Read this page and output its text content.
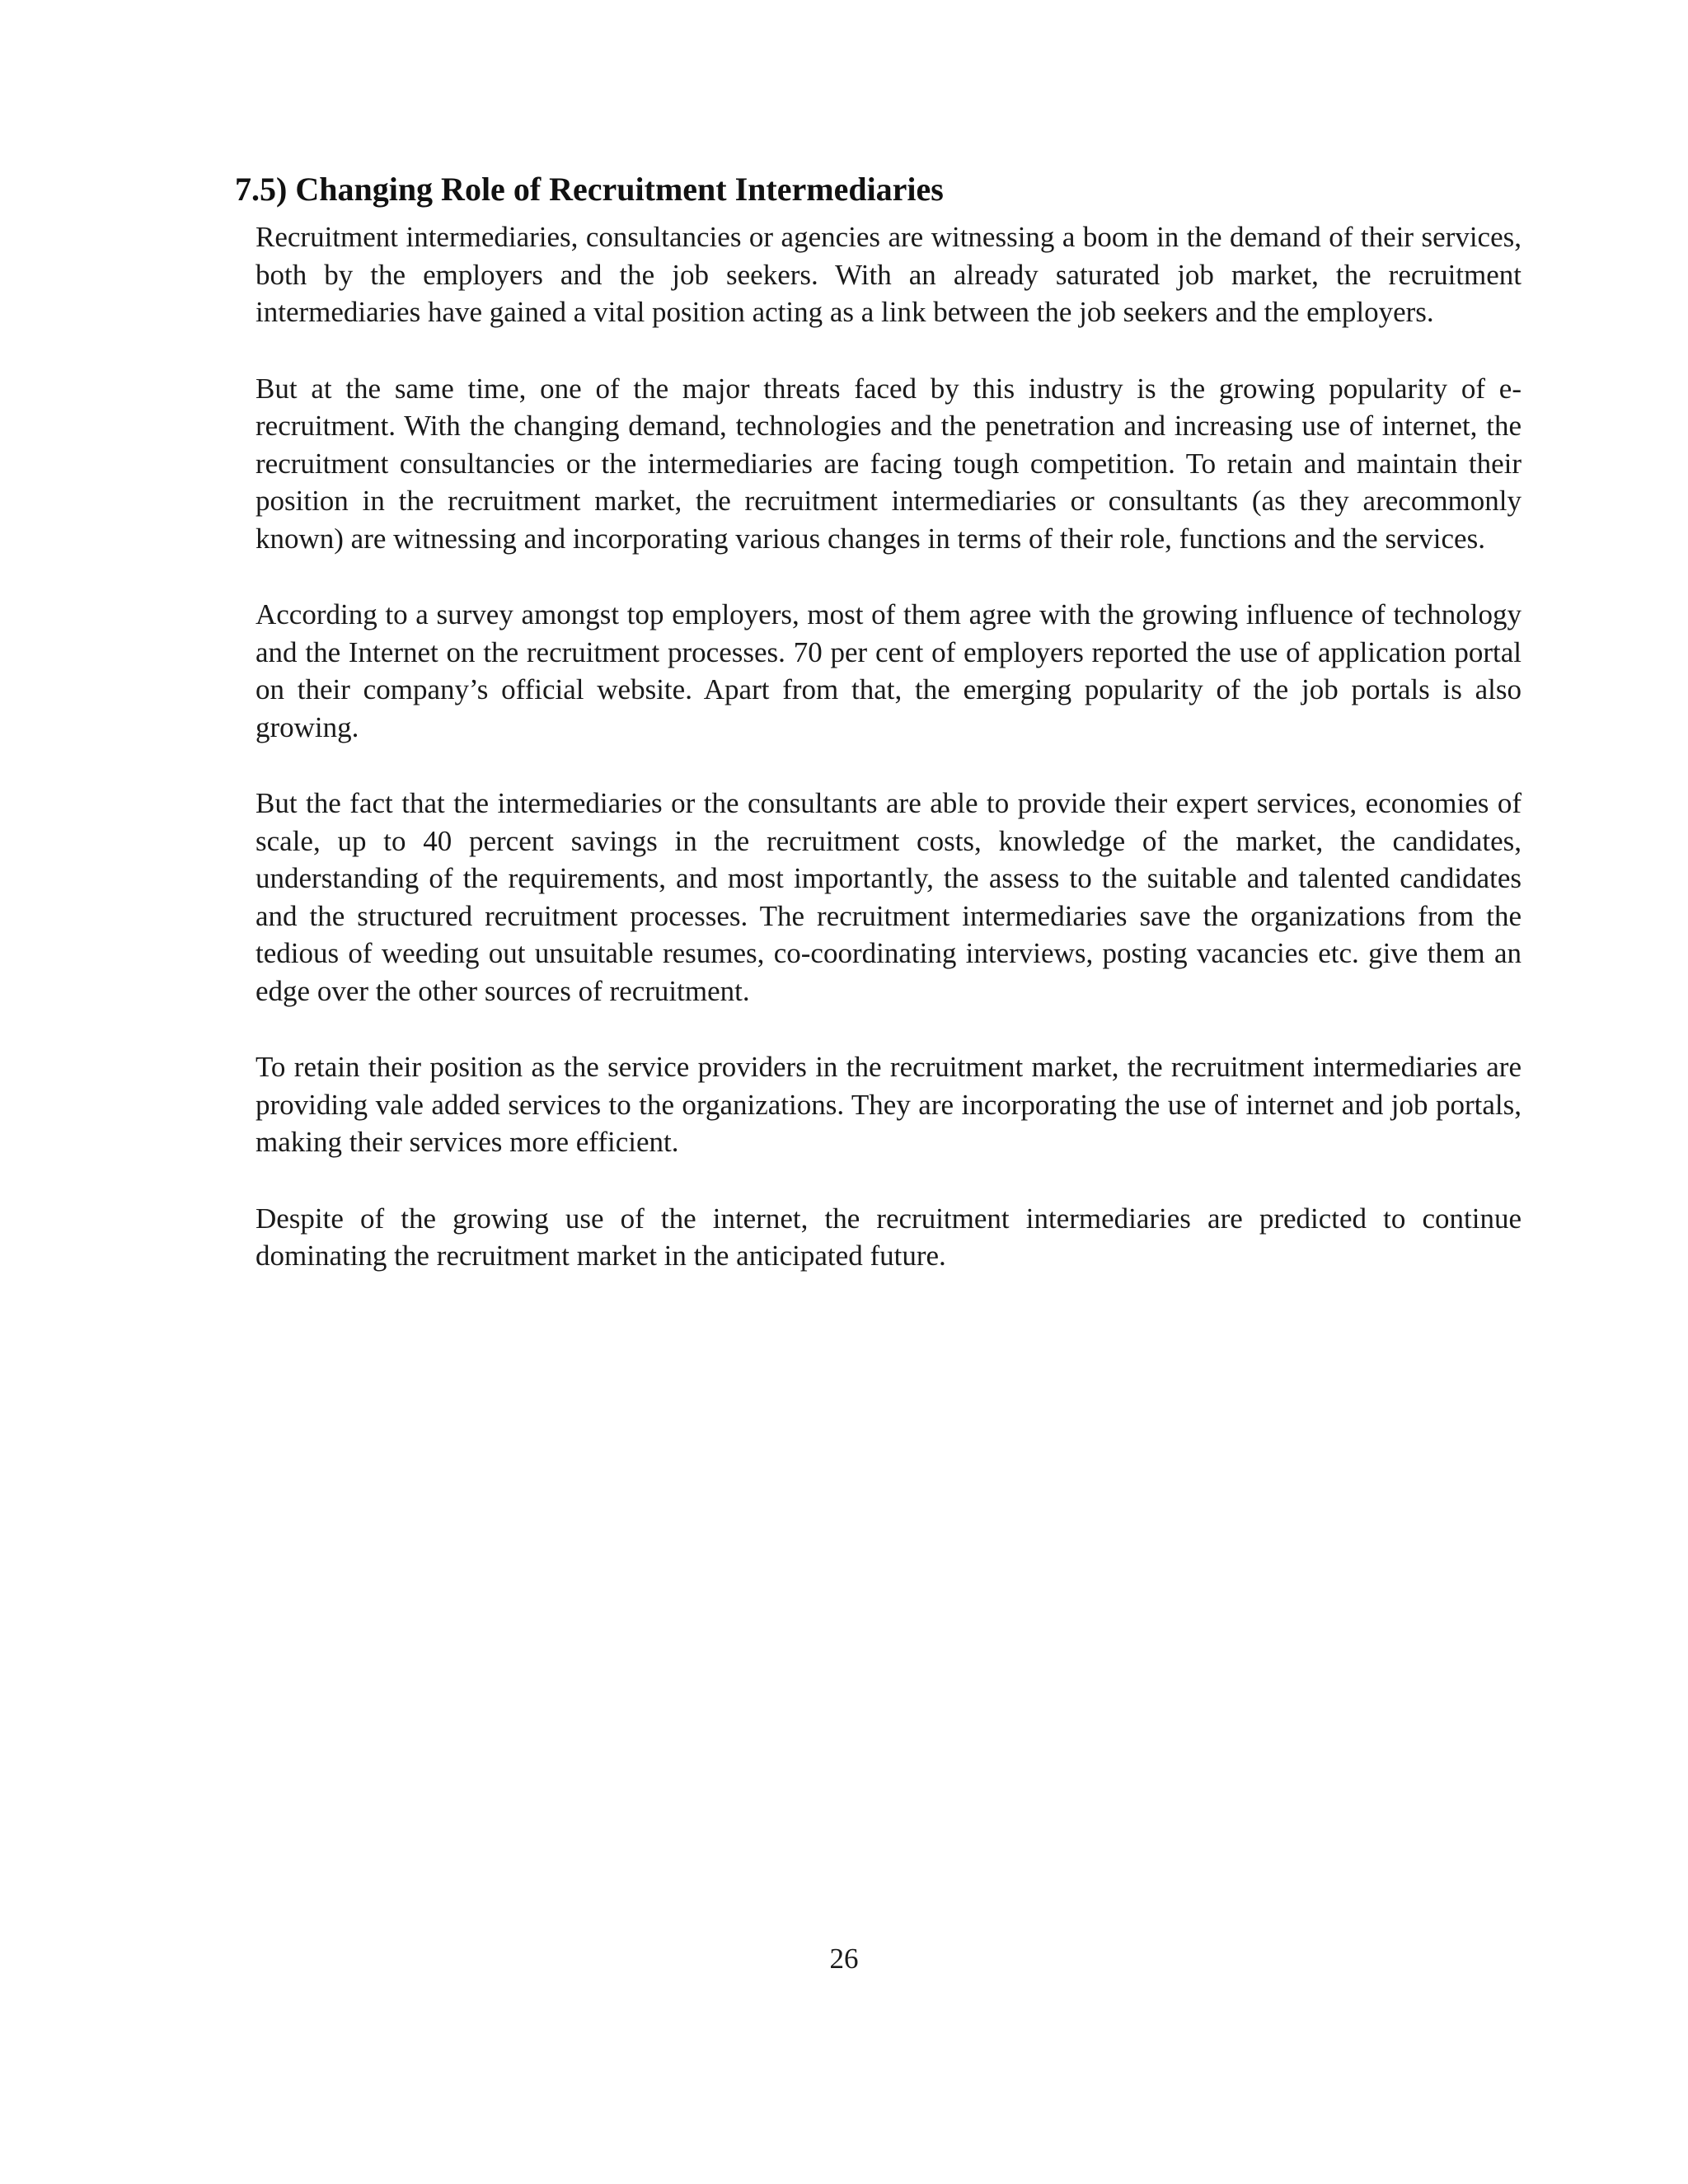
7.5) Changing Role of Recruitment Intermediaries

Recruitment intermediaries, consultancies or agencies are witnessing a boom in the demand of their services, both by the employers and the job seekers. With an already saturated job market, the recruitment intermediaries have gained a vital position acting as a link between the job seekers and the employers.

But at the same time, one of the major threats faced by this industry is the growing popularity of e-recruitment. With the changing demand, technologies and the penetration and increasing use of internet, the recruitment consultancies or the intermediaries are facing tough competition. To retain and maintain their position in the recruitment market, the recruitment intermediaries or consultants (as they arecommonly known) are witnessing and incorporating various changes in terms of their role, functions and the services.

According to a survey amongst top employers, most of them agree with the growing influence of technology and the Internet on the recruitment processes. 70 per cent of employers reported the use of application portal on their company’s official website. Apart from that, the emerging popularity of the job portals is also growing.

But the fact that the intermediaries or the consultants are able to provide their expert services, economies of scale, up to 40 percent savings in the recruitment costs, knowledge of the market, the candidates, understanding of the requirements, and most importantly, the assess to the suitable and talented candidates and the structured recruitment processes. The recruitment intermediaries save the organizations from the tedious of weeding out unsuitable resumes, co-coordinating interviews, posting vacancies etc. give them an edge over the other sources of recruitment.

To retain their position as the service providers in the recruitment market, the recruitment intermediaries are providing vale added services to the organizations. They are incorporating the use of internet and job portals, making their services more efficient.

Despite of the growing use of the internet, the recruitment intermediaries are predicted to continue dominating the recruitment market in the anticipated future.

26
